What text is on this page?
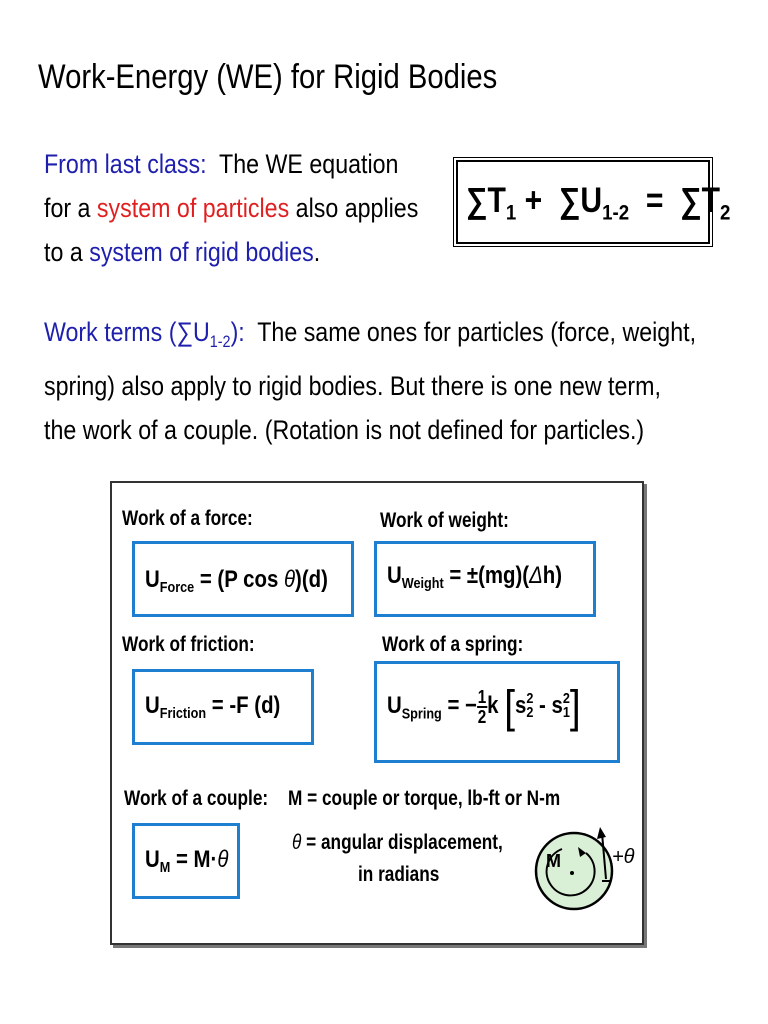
Work-Energy (WE) for Rigid Bodies
From last class: The WE equation
for a system of particles also applies
to a system of rigid bodies.
$\sum T_1 + \sum U_{1-2} = \sum T_2$
Work terms $(\sum U_{1-2})$: The same ones for particles (force, weight,
spring) also apply to rigid bodies. But there is one new term,
the work of a couple. (Rotation is not defined for particles.)
Work of a force:
$U_{Force} = (P$ cos θ)(d)
Work of weight:
$U_{Weight} = \pm(mg)(\Delta h)$
Work of friction:
$U_{Friction} = -F$ (d)
Work of a spring:
$U_{Spring}$ = − $\frac{1}{2}$ k [s 2
2 - s 2
1 ]
Work of a couple: M = couple or torque, lb-ft or N-m
θ = angular displacement,
in radians
$U_M = M\cdot\theta$	M	+θ
